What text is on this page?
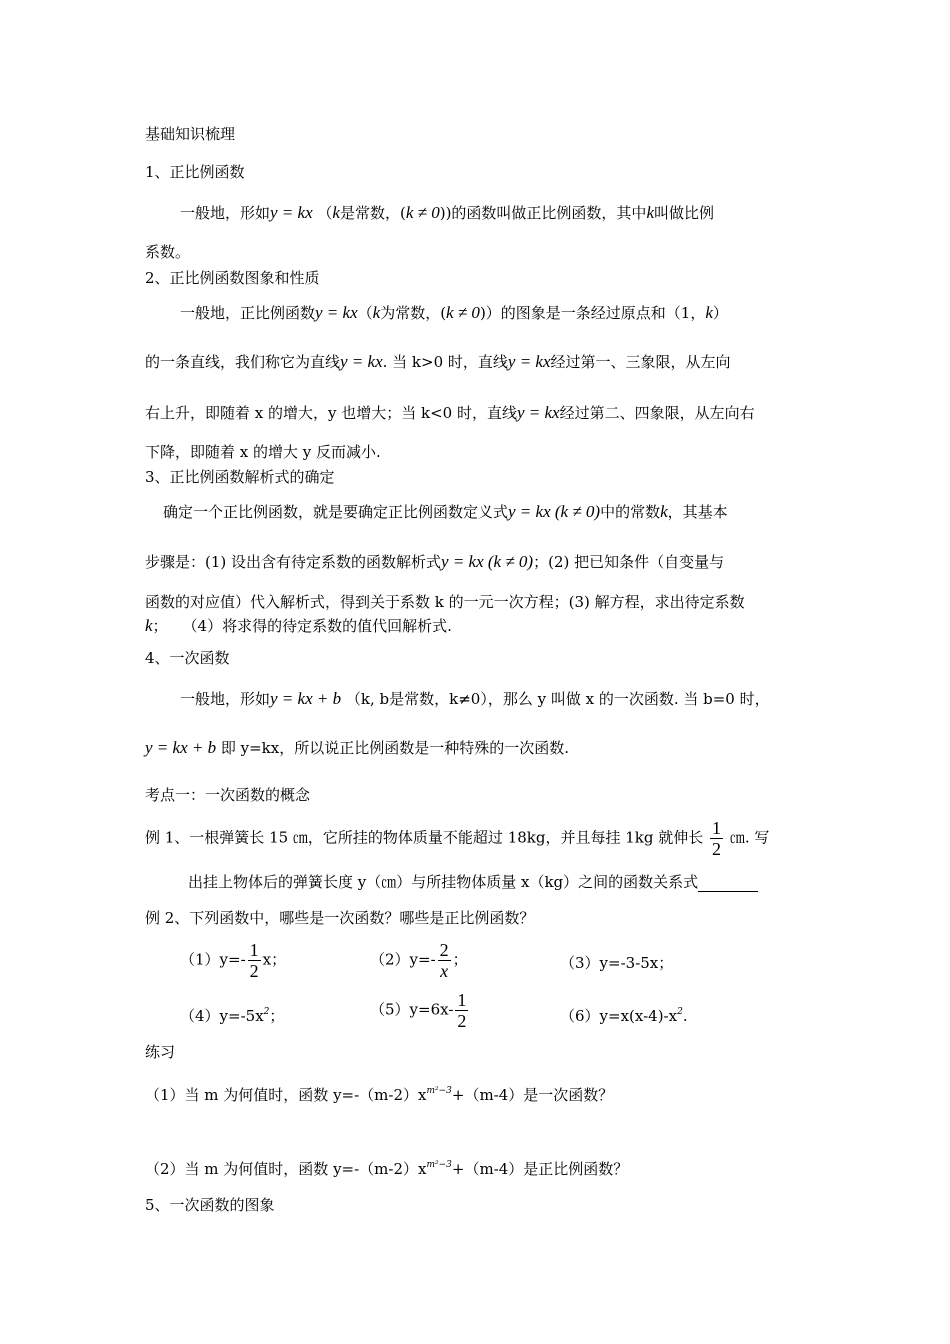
基础知识梳理
1、正比例函数
一般地，形如y = kx （k是常数，(k ≠ 0))的函数叫做正比例函数，其中k叫做比例
系数。
2、正比例函数图象和性质
一般地，正比例函数y = kx（k为常数，(k ≠ 0)）的图象是一条经过原点和（1，k）
的一条直线，我们称它为直线y = kx. 当 k>0 时，直线y = kx经过第一、三象限，从左向
右上升，即随着 x 的增大，y 也增大；当 k<0 时，直线y = kx经过第二、四象限，从左向右
下降，即随着 x 的增大 y 反而减小.
3、正比例函数解析式的确定
确定一个正比例函数，就是要确定正比例函数定义式y = kx (k ≠ 0)中的常数k，其基本
步骤是：(1) 设出含有待定系数的函数解析式y = kx (k ≠ 0)；(2) 把已知条件（自变量与
函数的对应值）代入解析式，得到关于系数 k 的一元一次方程；(3) 解方程，求出待定系数
k；　　（4）将求得的待定系数的值代回解析式.
4、一次函数
一般地，形如y = kx + b （k, b是常数，k≠0），那么 y 叫做 x 的一次函数. 当 b=0 时，
y = kx + b 即 y=kx，所以说正比例函数是一种特殊的一次函数.
考点一：一次函数的概念
例 1、一根弹簧长 15 ㎝，它所挂的物体质量不能超过 18kg，并且每挂 1kg 就伸长 $\frac{1}{2}$ ㎝. 写
出挂上物体后的弹簧长度 y（㎝）与所挂物体质量 x（kg）之间的函数关系式
例 2、下列函数中，哪些是一次函数？哪些是正比例函数？
$(1)y=- \frac{1}{2}$ x；	$(2)y=- \frac{2}{x}$ ；	（3）y=-3-5x；
$(4)y=-5x^2$；	$(5)y=6x- \frac{1}{2}$	$(6)y=x(x-4)-x^2$.
练习
（1）当 m 为何值时，函数 $y=-(m-2)x^{m^2-3}+(m-4)$是一次函数？
（2）当 m 为何值时，函数 $y=-(m-2)x^{m^2-3}+(m-4)$是正比例函数？
5、一次函数的图象
